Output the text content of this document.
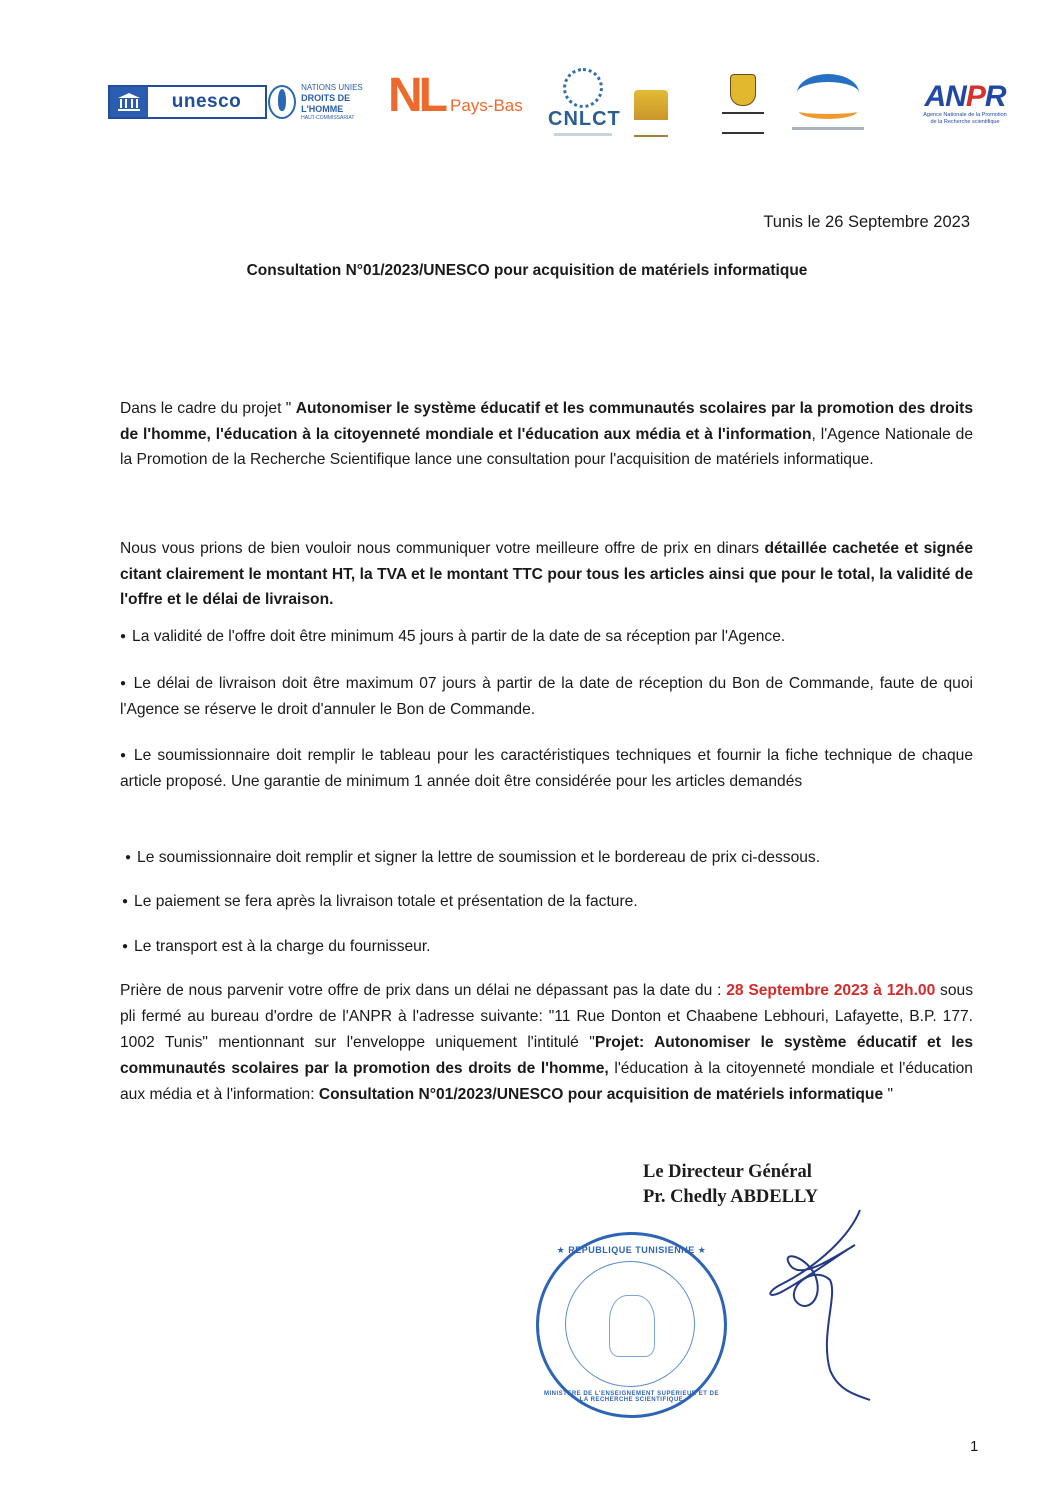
unesco
NATIONS UNIES
DROITS DE L'HOMME
HAUT-COMMISSARIAT NL Pays-Bas
CNLCT
ANPR
Agence Nationale de la Promotion de la Recherche scientifique
Tunis le 26 Septembre 2023
Consultation N°01/2023/UNESCO pour acquisition de matériels informatique
Dans le cadre du projet " Autonomiser le système éducatif et les communautés scolaires par la promotion des droits de l'homme, l'éducation à la citoyenneté mondiale et l'éducation aux média et à l'information, l'Agence Nationale de la Promotion de la Recherche Scientifique lance une consultation pour l'acquisition de matériels informatique.
Nous vous prions de bien vouloir nous communiquer votre meilleure offre de prix en dinars détaillée cachetée et signée citant clairement le montant HT, la TVA et le montant TTC pour tous les articles ainsi que pour le total, la validité de l'offre et le délai de livraison.
● La validité de l'offre doit être minimum 45 jours à partir de la date de sa réception par l'Agence.
● Le délai de livraison doit être maximum 07 jours à partir de la date de réception du Bon de Commande, faute de quoi l'Agence se réserve le droit d'annuler le Bon de Commande.
● Le soumissionnaire doit remplir le tableau pour les caractéristiques techniques et fournir la fiche technique de chaque article proposé. Une garantie de minimum 1 année doit être considérée pour les articles demandés
● Le soumissionnaire doit remplir et signer la lettre de soumission et le bordereau de prix ci-dessous.
● Le paiement se fera après la livraison totale et présentation de la facture.
● Le transport est à la charge du fournisseur.
Prière de nous parvenir votre offre de prix dans un délai ne dépassant pas la date du : 28 Septembre 2023 à 12h.00 sous pli fermé au bureau d'ordre de l'ANPR à l'adresse suivante: "11 Rue Donton et Chaabene Lebhouri, Lafayette, B.P. 177. 1002 Tunis" mentionnant sur l'enveloppe uniquement l'intitulé "Projet: Autonomiser le système éducatif et les communautés scolaires par la promotion des droits de l'homme, l'éducation à la citoyenneté mondiale et l'éducation aux média et à l'information: Consultation N°01/2023/UNESCO pour acquisition de matériels informatique "
Le Directeur Général
Pr. Chedly ABDELLY
★ REPUBLIQUE TUNISIENNE ★
MINISTERE DE L'ENSEIGNEMENT SUPERIEUR ET DE LA RECHERCHE SCIENTIFIQUE
1
